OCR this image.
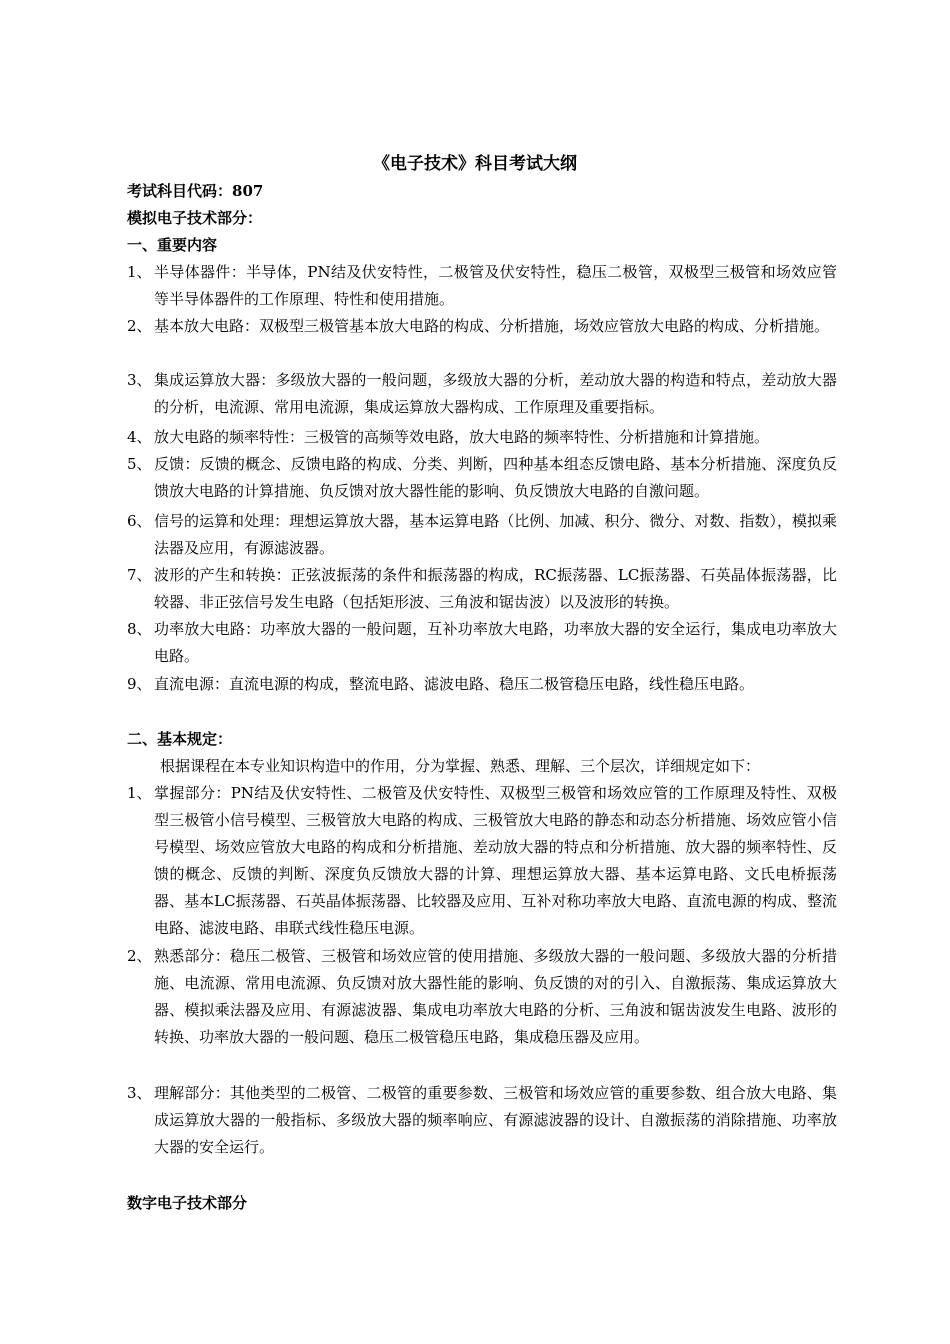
《电子技术》科目考试大纲
考试科目代码：807
模拟电子技术部分：
一、重要内容
1、 半导体器件：半导体，PN结及伏安特性，二极管及伏安特性，稳压二极管，双极型三极管和场效应管等半导体器件的工作原理、特性和使用措施。
2、 基本放大电路：双极型三极管基本放大电路的构成、分析措施，场效应管放大电路的构成、分析措施。
3、 集成运算放大器：多级放大器的一般问题，多级放大器的分析，差动放大器的构造和特点，差动放大器的分析，电流源、常用电流源，集成运算放大器构成、工作原理及重要指标。
4、 放大电路的频率特性：三极管的高频等效电路，放大电路的频率特性、分析措施和计算措施。
5、 反馈：反馈的概念、反馈电路的构成、分类、判断，四种基本组态反馈电路、基本分析措施、深度负反馈放大电路的计算措施、负反馈对放大器性能的影响、负反馈放大电路的自激问题。
6、 信号的运算和处理：理想运算放大器，基本运算电路（比例、加减、积分、微分、对数、指数），模拟乘法器及应用，有源滤波器。
7、 波形的产生和转换：正弦波振荡的条件和振荡器的构成，RC振荡器、LC振荡器、石英晶体振荡器，比较器、非正弦信号发生电路（包括矩形波、三角波和锯齿波）以及波形的转换。
8、 功率放大电路：功率放大器的一般问题，互补功率放大电路，功率放大器的安全运行，集成电功率放大电路。
9、 直流电源：直流电源的构成，整流电路、滤波电路、稳压二极管稳压电路，线性稳压电路。
二、基本规定：
根据课程在本专业知识构造中的作用，分为掌握、熟悉、理解、三个层次，详细规定如下：
1、 掌握部分：PN结及伏安特性、二极管及伏安特性、双极型三极管和场效应管的工作原理及特性、双极型三极管小信号模型、三极管放大电路的构成、三极管放大电路的静态和动态分析措施、场效应管小信号模型、场效应管放大电路的构成和分析措施、差动放大器的特点和分析措施、放大器的频率特性、反馈的概念、反馈的判断、深度负反馈放大器的计算、理想运算放大器、基本运算电路、文氏电桥振荡器、基本LC振荡器、石英晶体振荡器、比较器及应用、互补对称功率放大电路、直流电源的构成、整流电路、滤波电路、串联式线性稳压电源。
2、 熟悉部分：稳压二极管、三极管和场效应管的使用措施、多级放大器的一般问题、多级放大器的分析措施、电流源、常用电流源、负反馈对放大器性能的影响、负反馈的对的引入、自激振荡、集成运算放大器、模拟乘法器及应用、有源滤波器、集成电功率放大电路的分析、三角波和锯齿波发生电路、波形的转换、功率放大器的一般问题、稳压二极管稳压电路，集成稳压器及应用。
3、 理解部分：其他类型的二极管、二极管的重要参数、三极管和场效应管的重要参数、组合放大电路、集成运算放大器的一般指标、多级放大器的频率响应、有源滤波器的设计、自激振荡的消除措施、功率放大器的安全运行。
数字电子技术部分
